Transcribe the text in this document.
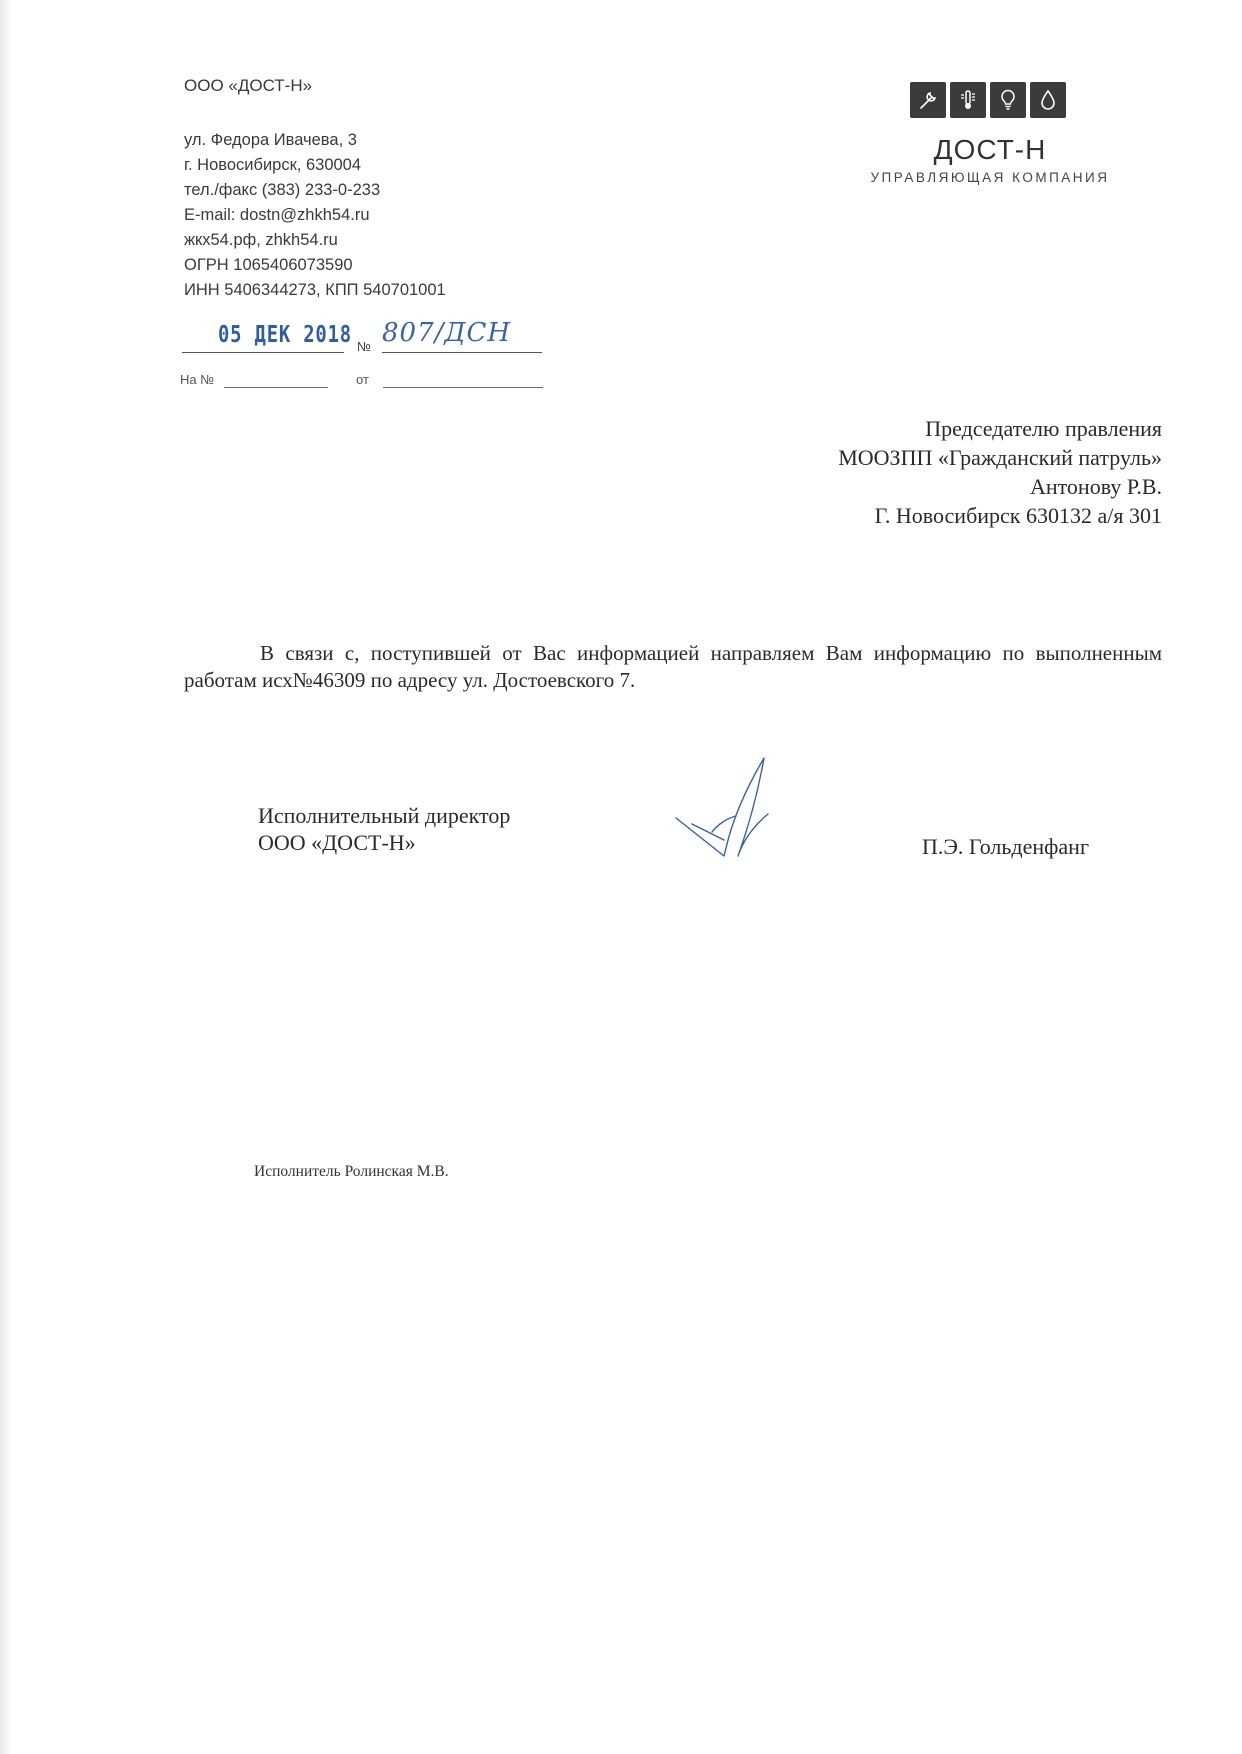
ООО «ДОСТ-Н»
ул. Федора Ивачева, 3
г. Новосибирск, 630004
тел./факс (383) 233-0-233
E-mail: dostn@zhkh54.ru
жкх54.рф, zhkh54.ru
ОГРН 1065406073590
ИНН 5406344273, КПП 540701001
ДОСТ-Н
УПРАВЛЯЮЩАЯ КОМПАНИЯ
05 ДЕК 2018 № 807/ДСН
На №	от
Председателю правления
МООЗПП «Гражданский патруль»
Антонову Р.В.
Г. Новосибирск 630132 а/я 301
В связи с, поступившей от Вас информацией направляем Вам информацию по выполненным работам исх№46309 по адресу ул. Достоевского 7.
Исполнительный директор
ООО «ДОСТ-Н»	П.Э. Гольденфанг
Исполнитель Ролинская М.В.
